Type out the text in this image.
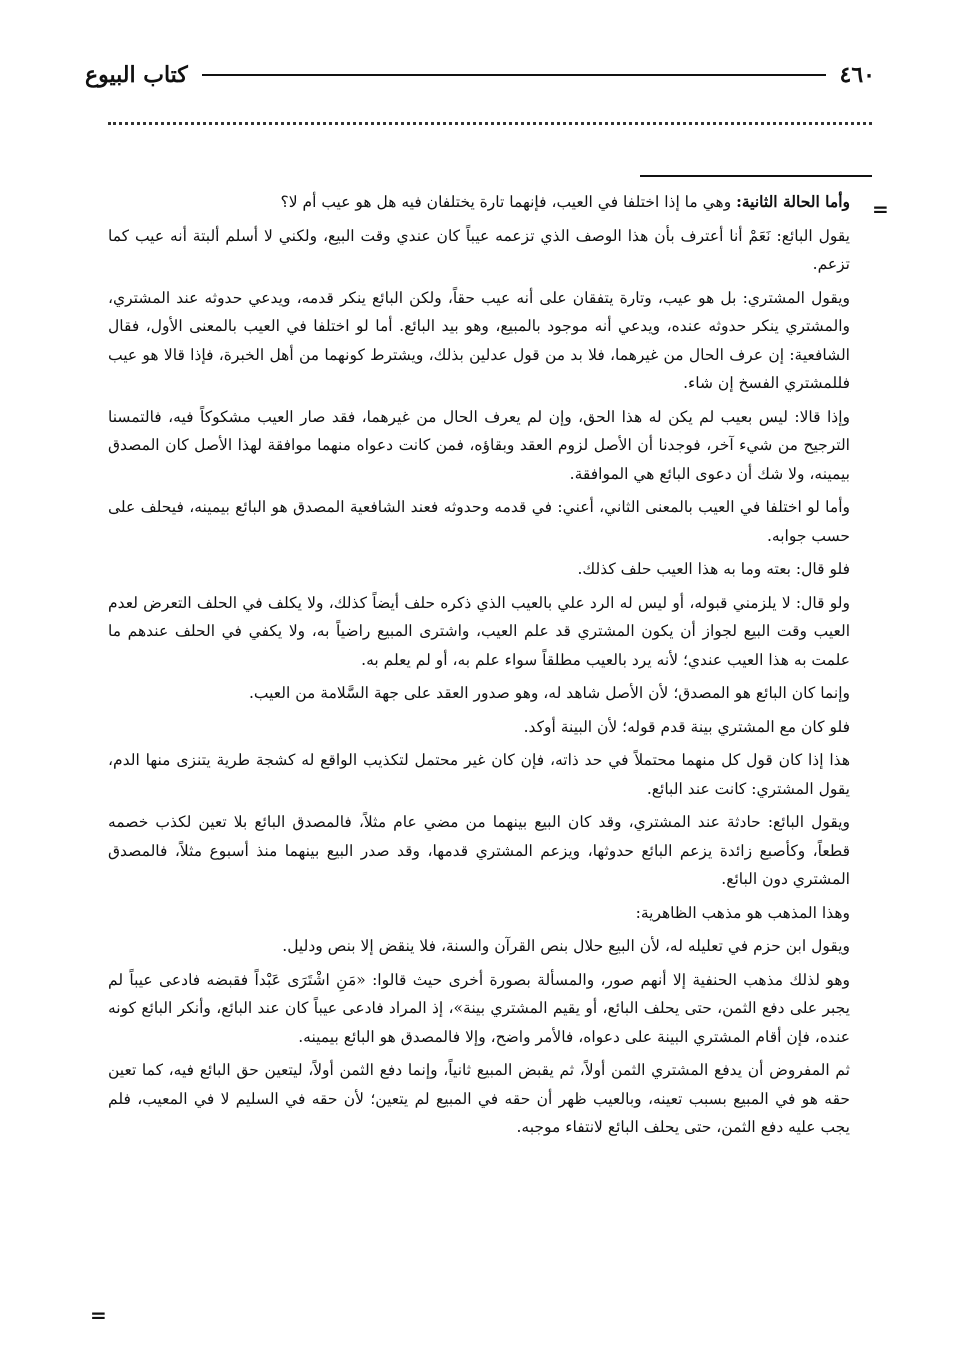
٤٦٠
كتاب البيوع
=
=

وأما الحالة الثانية: وهي ما إذا اختلفا في العيب، فإنهما تارة يختلفان فيه هل هو عيب أم لا؟

يقول البائع: نَعَمْ أنا أعترف بأن هذا الوصف الذي تزعمه عيباً كان عندي وقت البيع، ولكني لا أسلم ألبتة أنه عيب كما تزعم.

ويقول المشتري: بل هو عيب، وتارة يتفقان على أنه عيب حقاً، ولكن البائع ينكر قدمه، ويدعي حدوثه عند المشتري، والمشتري ينكر حدوثه عنده، ويدعي أنه موجود بالمبيع، وهو بيد البائع. أما لو اختلفا في العيب بالمعنى الأول، فقال الشافعية: إن عرف الحال من غيرهما، فلا بد من قول عدلين بذلك، ويشترط كونهما من أهل الخبرة، فإذا قالا هو عيب فللمشتري الفسخ إن شاء.

وإذا قالا: ليس بعيب لم يكن له هذا الحق، وإن لم يعرف الحال من غيرهما، فقد صار العيب مشكوكاً فيه، فالتمسنا الترجيح من شيء آخر، فوجدنا أن الأصل لزوم العقد وبقاؤه، فمن كانت دعواه منهما موافقة لهذا الأصل كان المصدق بيمينه، ولا شك أن دعوى البائع هي الموافقة.

وأما لو اختلفا في العيب بالمعنى الثاني، أعني: في قدمه وحدوثه فعند الشافعية المصدق هو البائع بيمينه، فيحلف على حسب جوابه.

فلو قال: بعته وما به هذا العيب حلف كذلك.

ولو قال: لا يلزمني قبوله، أو ليس له الرد علي بالعيب الذي ذكره حلف أيضاً كذلك، ولا يكلف في الحلف التعرض لعدم العيب وقت البيع لجواز أن يكون المشتري قد علم العيب، واشترى المبيع راضياً به، ولا يكفي في الحلف عندهم ما علمت به هذا العيب عندي؛ لأنه يرد بالعيب مطلقاً سواء علم به، أو لم يعلم به.

وإنما كان البائع هو المصدق؛ لأن الأصل شاهد له، وهو صدور العقد على جهة السَّلامة من العيب.

فلو كان مع المشتري بينة قدم قوله؛ لأن البينة أوكد.

هذا إذا كان قول كل منهما محتملاً في حد ذاته، فإن كان غير محتمل لتكذيب الواقع له كشجة طرية يتنزى منها الدم، يقول المشتري: كانت عند البائع.

ويقول البائع: حادثة عند المشتري، وقد كان البيع بينهما من مضي عام مثلاً، فالمصدق البائع بلا تعين لكذب خصمه قطعاً، وكأصبع زائدة يزعم البائع حدوثها، ويزعم المشتري قدمها، وقد صدر البيع بينهما منذ أسبوع مثلاً، فالمصدق المشتري دون البائع.

وهذا المذهب هو مذهب الظاهرية:

ويقول ابن حزم في تعليله له، لأن البيع حلال بنص القرآن والسنة، فلا ينقض إلا بنص ودليل.

وهو لذلك مذهب الحنفية إلا أنهم صور، والمسألة بصورة أخرى حيث قالوا: «مَنِ اشْتَرَى عَبْداً فقبضه فادعى عيباً لم يجبر على دفع الثمن، حتى يحلف البائع، أو يقيم المشتري بينة»، إذ المراد فادعى عيباً كان عند البائع، وأنكر البائع كونه عنده، فإن أقام المشتري البينة على دعواه، فالأمر واضح، وإلا فالمصدق هو البائع بيمينه.

ثم المفروض أن يدفع المشتري الثمن أولاً، ثم يقبض المبيع ثانياً، وإنما دفع الثمن أولاً، ليتعين حق البائع فيه، كما تعين حقه هو في المبيع بسبب تعينه، وبالعيب ظهر أن حقه في المبيع لم يتعين؛ لأن حقه في السليم لا في المعيب، فلم يجب عليه دفع الثمن، حتى يحلف البائع لانتفاء موجبه.
